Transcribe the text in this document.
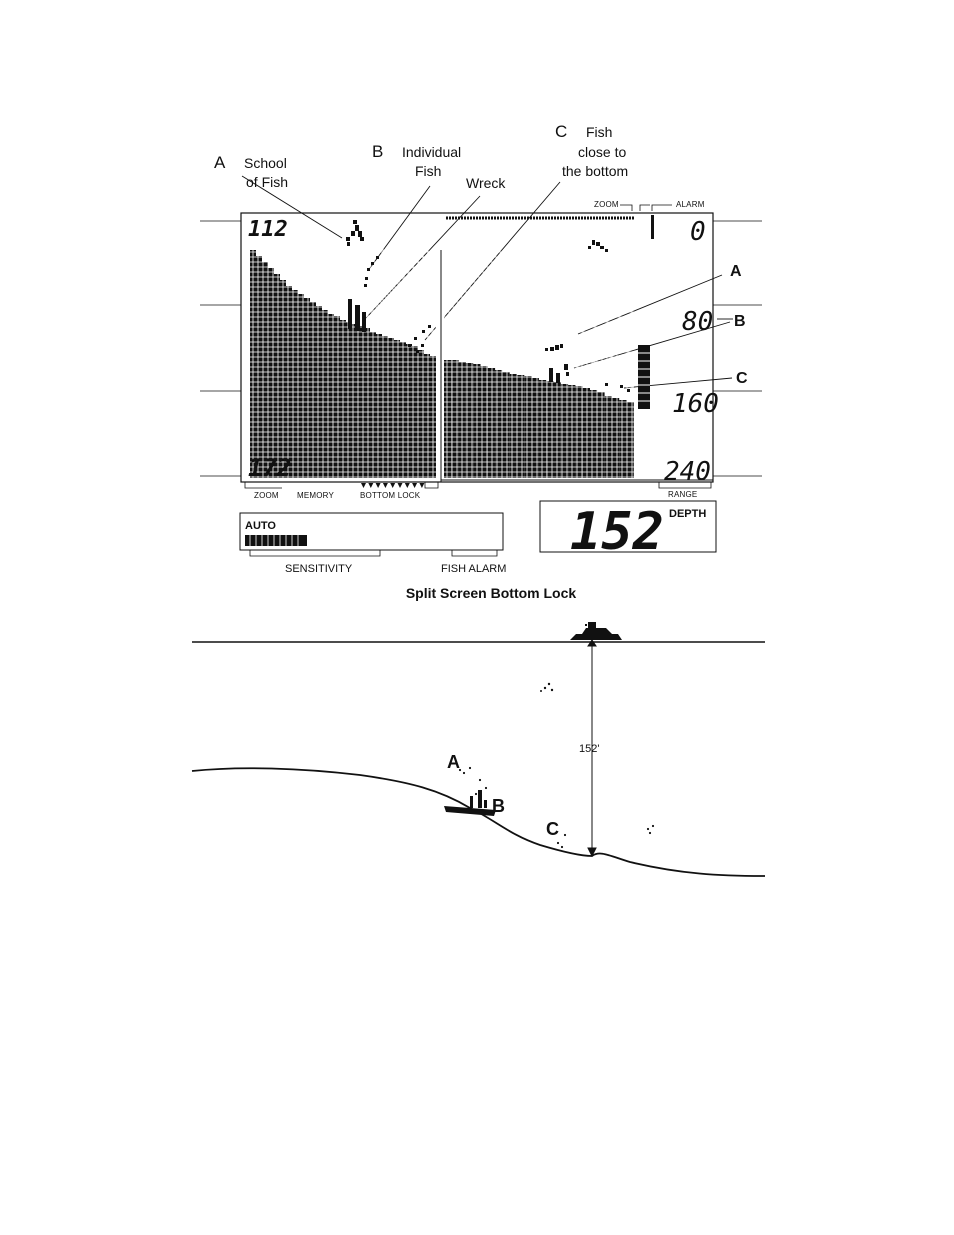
A School
of Fish
B Individual
Fish
Wreck
C Fish
close to
the bottom
ZOOM	ALARM
112
172
0
80
160
240
A
B
C
ZOOM MEMORY	BOTTOM LOCK	RANGE
AUTO
SENSITIVITY	FISH ALARM
152 DEPTH
Split Screen Bottom Lock
152'
A
B
C
